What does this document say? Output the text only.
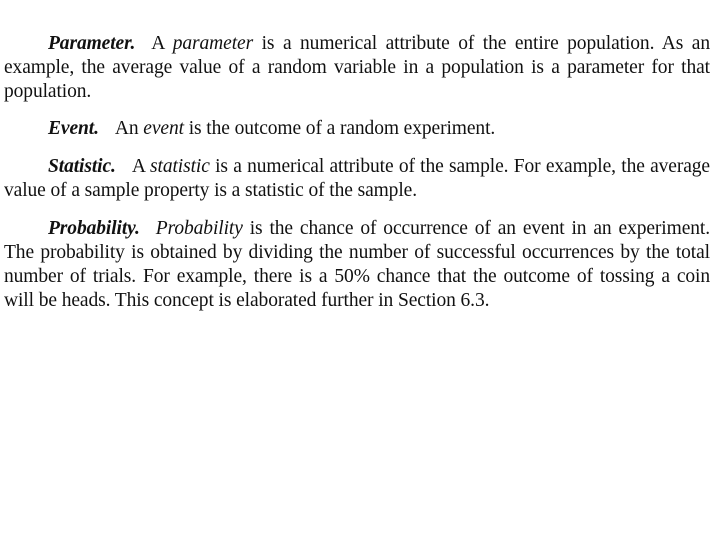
Parameter. A parameter is a numerical attribute of the entire population. As an example, the average value of a random variable in a population is a parameter for that population.

Event. An event is the outcome of a random experiment.

Statistic. A statistic is a numerical attribute of the sample. For example, the average value of a sample property is a statistic of the sample.

Probability. Probability is the chance of occurrence of an event in an experiment. The probability is obtained by dividing the number of successful occurrences by the total number of trials. For example, there is a 50% chance that the outcome of tossing a coin will be heads. This concept is elaborated further in Section 6.3.
